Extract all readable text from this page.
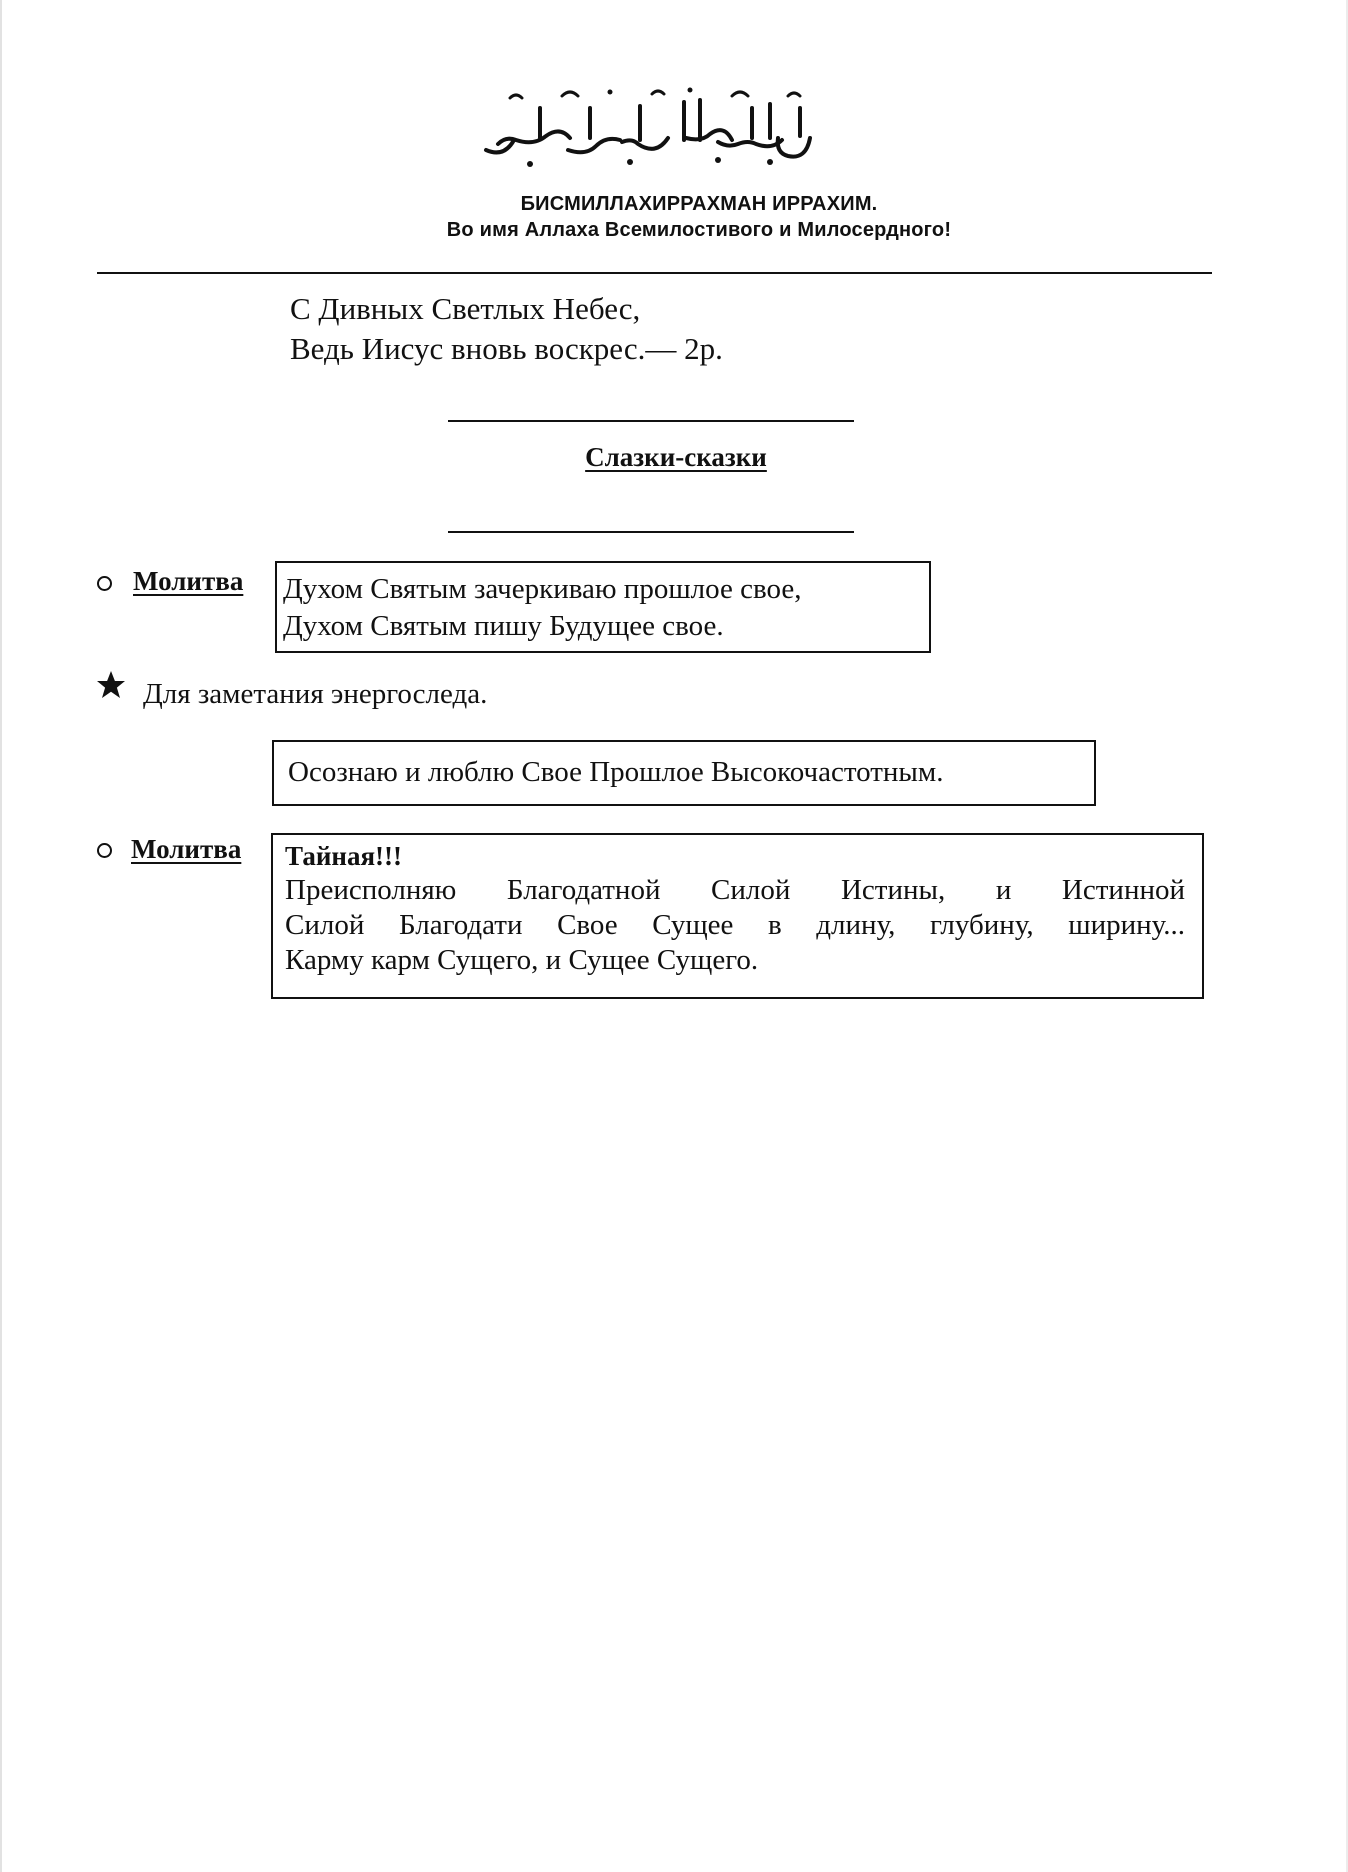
БИСМИЛЛАХИРРАХМАН ИРРАХИМ.
Во имя Аллаха Всемилостивого и Милосердного!
С Дивных Светлых Небес,
Ведь Иисус вновь воскрес.— 2р.
Слазки-сказки
Молитва Духом Святым зачеркиваю прошлое свое,
Духом Святым пишу Будущее свое.
Для заметания энергоследа.
Осознаю и люблю Свое Прошлое Высокочастотным.
Молитва Тайная!!!
Преисполняю Благодатной Силой Истины, и Истинной
Силой Благодати Свое Сущее в длину, глубину, ширину...
Карму карм Сущего, и Сущее Сущего.
